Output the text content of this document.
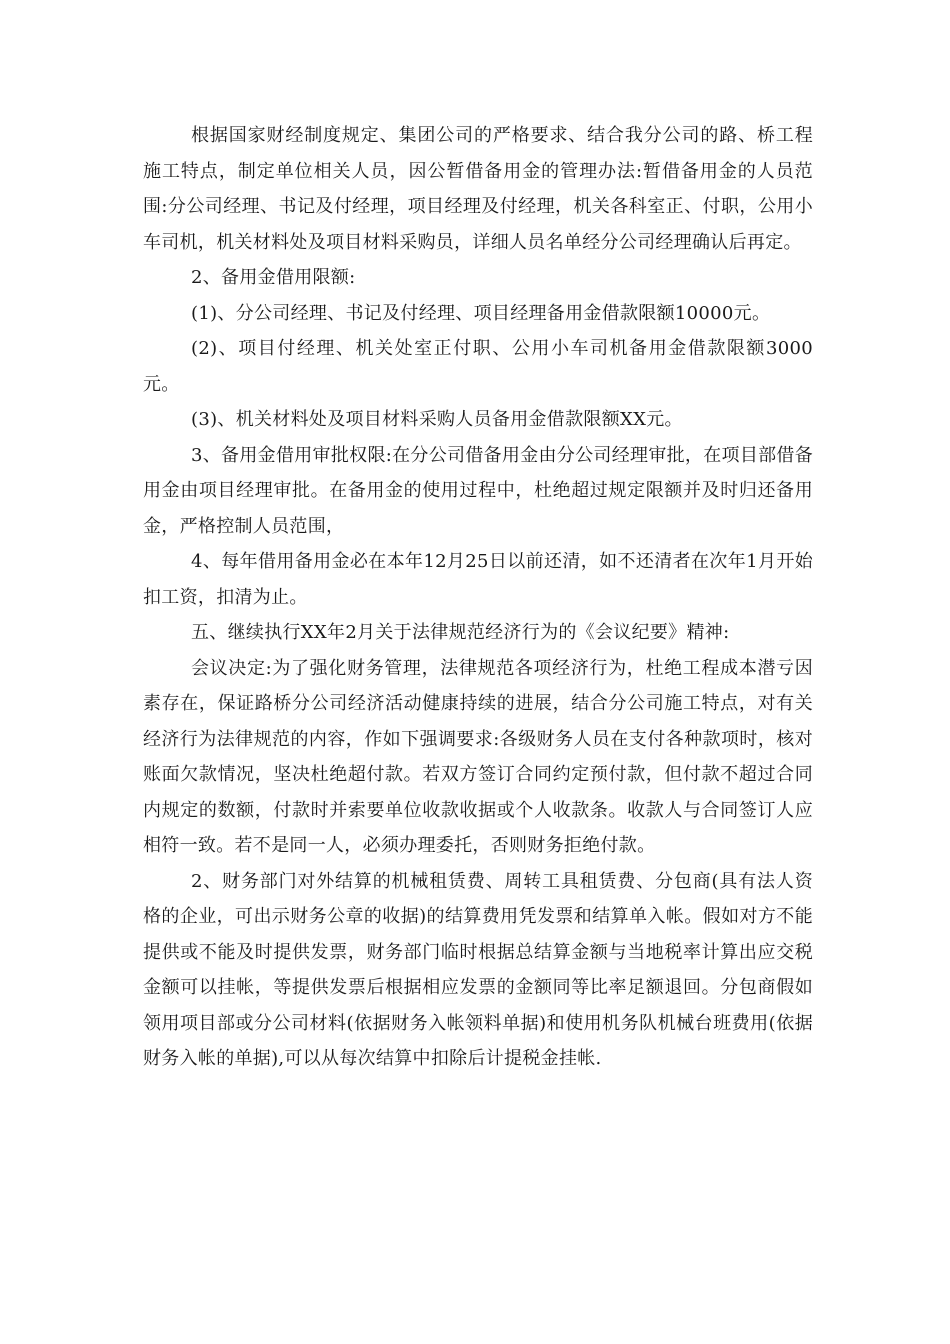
根据国家财经制度规定、集团公司的严格要求、结合我分公司的路、桥工程施工特点，制定单位相关人员，因公暂借备用金的管理办法:暂借备用金的人员范围:分公司经理、书记及付经理，项目经理及付经理，机关各科室正、付职，公用小车司机，机关材料处及项目材料采购员，详细人员名单经分公司经理确认后再定。

2、备用金借用限额:

(1)、分公司经理、书记及付经理、项目经理备用金借款限额10000元。

(2)、项目付经理、机关处室正付职、公用小车司机备用金借款限额3000元。

(3)、机关材料处及项目材料采购人员备用金借款限额XX元。

3、备用金借用审批权限:在分公司借备用金由分公司经理审批，在项目部借备用金由项目经理审批。在备用金的使用过程中，杜绝超过规定限额并及时归还备用金，严格控制人员范围，

4、每年借用备用金必在本年12月25日以前还清，如不还清者在次年1月开始扣工资，扣清为止。

五、继续执行XX年2月关于法律规范经济行为的《会议纪要》精神:

会议决定:为了强化财务管理，法律规范各项经济行为，杜绝工程成本潜亏因素存在，保证路桥分公司经济活动健康持续的进展，结合分公司施工特点，对有关经济行为法律规范的内容，作如下强调要求:各级财务人员在支付各种款项时，核对账面欠款情况，坚决杜绝超付款。若双方签订合同约定预付款，但付款不超过合同内规定的数额，付款时并索要单位收款收据或个人收款条。收款人与合同签订人应相符一致。若不是同一人，必须办理委托，否则财务拒绝付款。

2、财务部门对外结算的机械租赁费、周转工具租赁费、分包商(具有法人资格的企业，可出示财务公章的收据)的结算费用凭发票和结算单入帐。假如对方不能提供或不能及时提供发票，财务部门临时根据总结算金额与当地税率计算出应交税金额可以挂帐，等提供发票后根据相应发票的金额同等比率足额退回。分包商假如领用项目部或分公司材料(依据财务入帐领料单据)和使用机务队机械台班费用(依据财务入帐的单据),可以从每次结算中扣除后计提税金挂帐.
